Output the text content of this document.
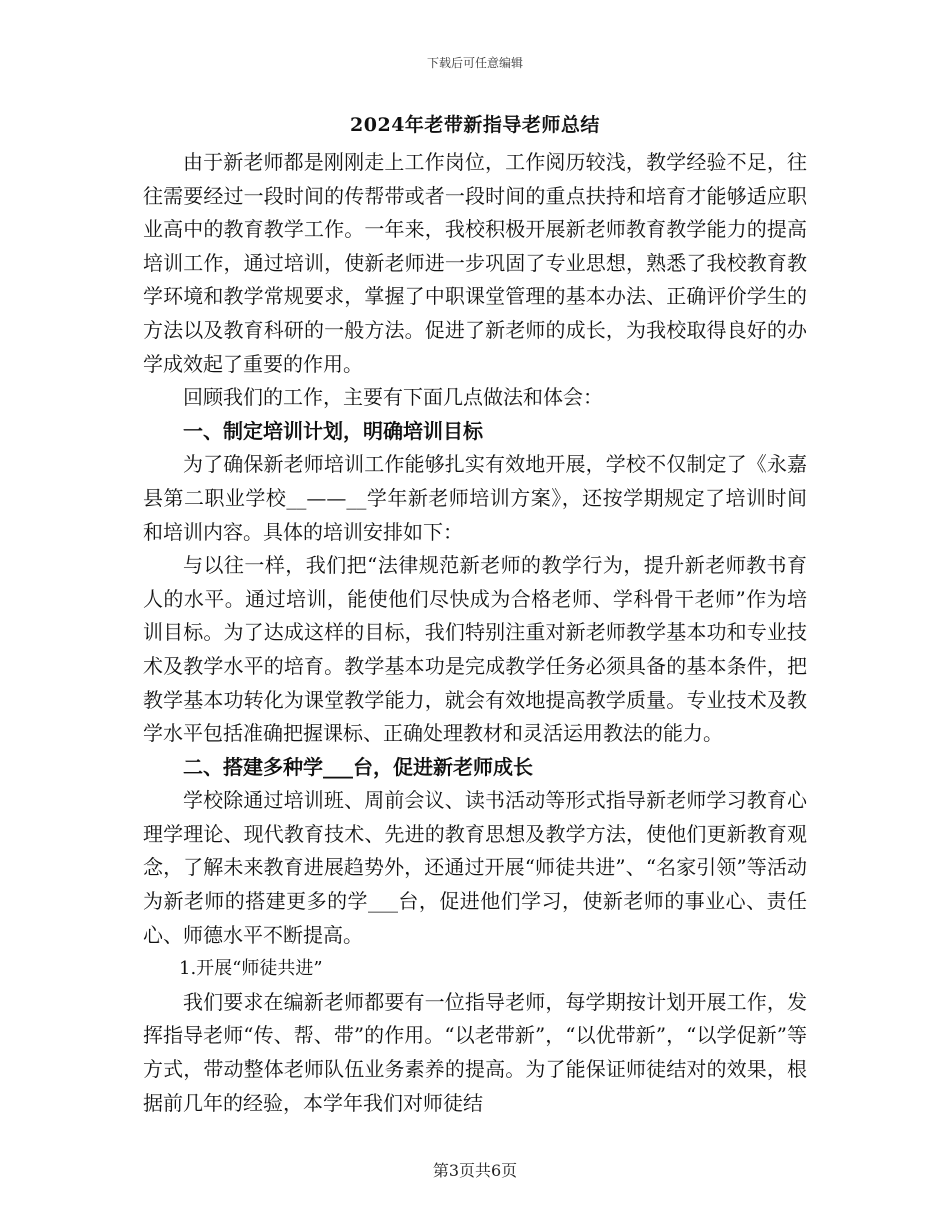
下载后可任意编辑
2024年老带新指导老师总结

由于新老师都是刚刚走上工作岗位，工作阅历较浅，教学经验不足，往往需要经过一段时间的传帮带或者一段时间的重点扶持和培育才能够适应职业高中的教育教学工作。一年来，我校积极开展新老师教育教学能力的提高培训工作，通过培训，使新老师进一步巩固了专业思想，熟悉了我校教育教学环境和教学常规要求，掌握了中职课堂管理的基本办法、正确评价学生的方法以及教育科研的一般方法。促进了新老师的成长，为我校取得良好的办学成效起了重要的作用。

回顾我们的工作，主要有下面几点做法和体会：

一、制定培训计划，明确培训目标

为了确保新老师培训工作能够扎实有效地开展，学校不仅制定了《永嘉县第二职业学校__——__学年新老师培训方案》，还按学期规定了培训时间和培训内容。具体的培训安排如下：

与以往一样，我们把“法律规范新老师的教学行为，提升新老师教书育人的水平。通过培训，能使他们尽快成为合格老师、学科骨干老师”作为培训目标。为了达成这样的目标，我们特别注重对新老师教学基本功和专业技术及教学水平的培育。教学基本功是完成教学任务必须具备的基本条件，把教学基本功转化为课堂教学能力，就会有效地提高教学质量。专业技术及教学水平包括准确把握课标、正确处理教材和灵活运用教法的能力。

二、搭建多种学___台，促进新老师成长

学校除通过培训班、周前会议、读书活动等形式指导新老师学习教育心理学理论、现代教育技术、先进的教育思想及教学方法，使他们更新教育观念，了解未来教育进展趋势外，还通过开展“师徒共进”、“名家引领”等活动为新老师的搭建更多的学___台，促进他们学习，使新老师的事业心、责任心、师德水平不断提高。

1.开展“师徒共进”

我们要求在编新老师都要有一位指导老师，每学期按计划开展工作，发挥指导老师“传、帮、带”的作用。“以老带新”，“以优带新”，“以学促新”等方式，带动整体老师队伍业务素养的提高。为了能保证师徒结对的效果，根据前几年的经验，本学年我们对师徒结

第3页共6页
